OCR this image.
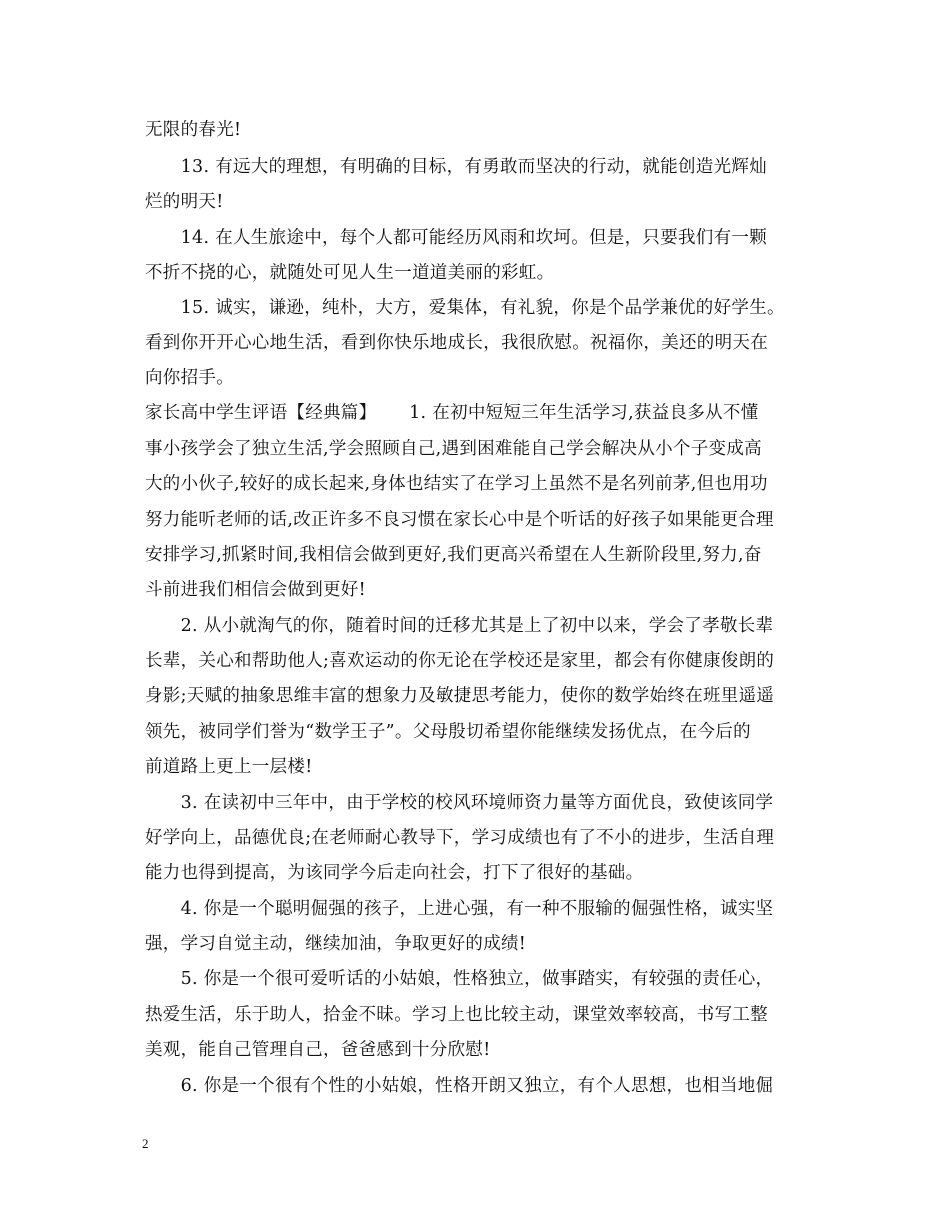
无限的春光!
　　13. 有远大的理想，有明确的目标，有勇敢而坚决的行动，就能创造光辉灿
烂的明天!
　　14. 在人生旅途中，每个人都可能经历风雨和坎坷。但是，只要我们有一颗
不折不挠的心，就随处可见人生一道道美丽的彩虹。
　　15. 诚实，谦逊，纯朴，大方，爱集体，有礼貌，你是个品学兼优的好学生。
看到你开开心心地生活，看到你快乐地成长，我很欣慰。祝福你，美还的明天在
向你招手。
家长高中学生评语【经典篇】　　 1. 在初中短短三年生活学习,获益良多从不懂
事小孩学会了独立生活,学会照顾自己,遇到困难能自己学会解决从小个子变成高
大的小伙子,较好的成长起来,身体也结实了在学习上虽然不是名列前茅,但也用功
努力能听老师的话,改正许多不良习惯在家长心中是个听话的好孩子如果能更合理
安排学习,抓紧时间,我相信会做到更好,我们更高兴希望在人生新阶段里,努力,奋
斗前进我们相信会做到更好!
　　2. 从小就淘气的你，随着时间的迁移尤其是上了初中以来，学会了孝敬长辈
长辈，关心和帮助他人;喜欢运动的你无论在学校还是家里，都会有你健康俊朗的
身影;天赋的抽象思维丰富的想象力及敏捷思考能力，使你的数学始终在班里遥遥
领先，被同学们誉为“数学王子”。父母殷切希望你能继续发扬优点，在今后的
前道路上更上一层楼!
　　3. 在读初中三年中，由于学校的校风环境师资力量等方面优良，致使该同学
好学向上，品德优良;在老师耐心教导下，学习成绩也有了不小的进步，生活自理
能力也得到提高，为该同学今后走向社会，打下了很好的基础。
　　4. 你是一个聪明倔强的孩子，上进心强，有一种不服输的倔强性格，诚实坚
强，学习自觉主动，继续加油，争取更好的成绩!
　　5. 你是一个很可爱听话的小姑娘，性格独立，做事踏实，有较强的责任心，
热爱生活，乐于助人，拾金不昧。学习上也比较主动，课堂效率较高，书写工整
美观，能自己管理自己，爸爸感到十分欣慰!
　　6. 你是一个很有个性的小姑娘，性格开朗又独立，有个人思想，也相当地倔
2
